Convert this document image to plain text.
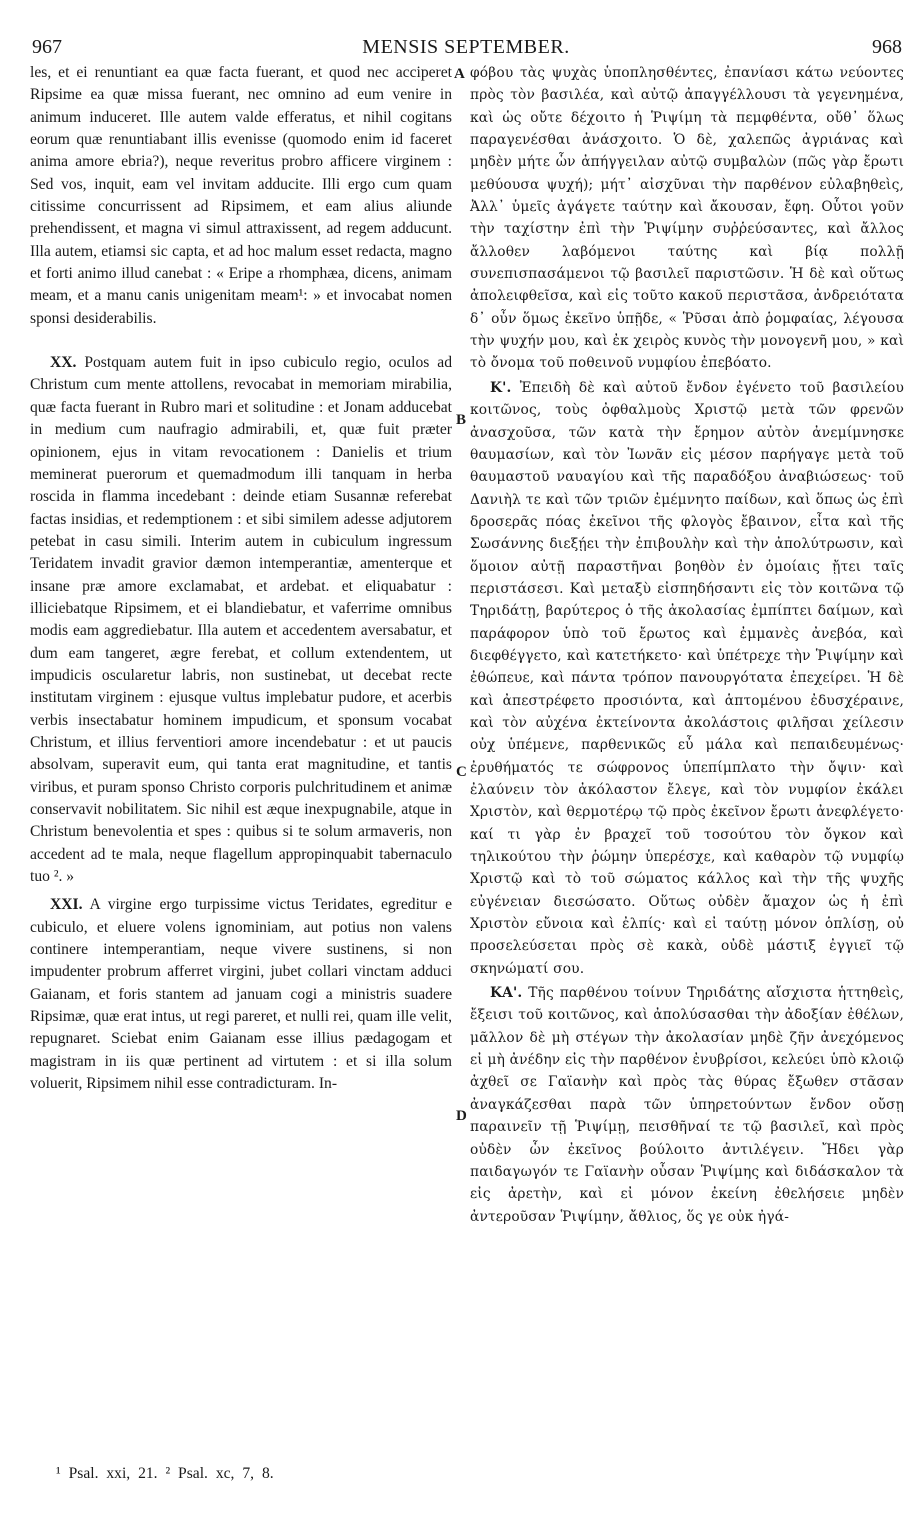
967	MENSIS SEPTEMBER.	968

les, et ei renuntiant ea quæ facta fuerant, et quod nec acciperet Ripsime ea quæ missa fuerant, nec omnino ad eum venire in animum induceret. Ille autem valde efferatus, et nihil cogitans eorum quæ renuntiabant illis evenisse (quomodo enim id faceret anima amore ebria?), neque reveritus probro afficere virginem : Sed vos, inquit, eam vel invitam adducite. Illi ergo cum quam citissime concurrissent ad Ripsimem, et eam alius aliunde prehendissent, et magna vi simul attraxissent, ad regem adducunt. Illa autem, etiamsi sic capta, et ad hoc malum esset redacta, magno et forti animo illud canebat : « Eripe a rhomphæa, dicens, animam meam, et a manu canis unigenitam meam¹: » et invocabat nomen sponsi desiderabilis.

XX. Postquam autem fuit in ipso cubiculo regio, oculos ad Christum cum mente attollens, revocabat in memoriam mirabilia, quæ facta fuerant in Rubro mari et solitudine : et Jonam adducebat in medium cum naufragio admirabili, et, quæ fuit præter opinionem, ejus in vitam revocationem : Danielis et trium meminerat puerorum et quemadmodum illi tanquam in herba roscida in flamma incedebant : deinde etiam Susannæ referebat factas insidias, et redemptionem : et sibi similem adesse adjutorem petebat in casu simili. Interim autem in cubiculum ingressum Teridatem invadit gravior dæmon intemperantiæ, amenterque et insane præ amore exclamabat, et ardebat. et eliquabatur : illiciebatque Ripsimem, et ei blandiebatur, et vaferrime omnibus modis eam aggrediebatur. Illa autem et accedentem aversabatur, et dum eam tangeret, ægre ferebat, et collum extendentem, ut impudicis oscularetur labris, non sustinebat, ut decebat recte institutam virginem : ejusque vultus implebatur pudore, et acerbis verbis insectabatur hominem impudicum, et sponsum vocabat Christum, et illius ferventiori amore incendebatur : et ut paucis absolvam, superavit eum, qui tanta erat magnitudine, et tantis viribus, et puram sponso Christo corporis pulchritudinem et animæ conservavit nobilitatem. Sic nihil est æque inexpugnabile, atque in Christum benevolentia et spes : quibus si te solum armaveris, non accedent ad te mala, neque flagellum appropinquabit tabernaculo tuo ². »

XXI. A virgine ergo turpissime victus Teridates, egreditur e cubiculo, et eluere volens ignominiam, aut potius non valens continere intemperantiam, neque vivere sustinens, si non impudenter probrum afferret virgini, jubet collari vinctam adduci Gaianam, et foris stantem ad januam cogi a ministris suadere Ripsimæ, quæ erat intus, ut regi pareret, et nulli rei, quam ille velit, repugnaret. Sciebat enim Gaianam esse illius pædagogam et magistram in iis quæ pertinent ad virtutem : et si illa solum voluerit, Ripsimem nihil esse contradicturam. In-

A
B
C
D

φόβου τὰς ψυχὰς ὑποπλησθέντες, ἐπανίασι κάτω νεύοντες πρὸς τὸν βασιλέα, καὶ αὐτῷ ἀπαγγέλλουσι τὰ γεγενημένα, καὶ ὡς οὔτε δέχοιτο ἡ Ῥιψίμη τὰ πεμφθέντα, οὔθ᾽ ὅλως παραγενέσθαι ἀνάσχοιτο. Ὁ δὲ, χαλεπῶς ἀγριάνας καὶ μηδὲν μήτε ὧν ἀπήγγειλαν αὐτῷ συμβαλὼν (πῶς γὰρ ἔρωτι μεθύουσα ψυχή); μήτ᾽ αἰσχῦναι τὴν παρθένον εὐλαβηθεὶς, Ἀλλ᾽ ὑμεῖς ἀγάγετε ταύτην καὶ ἄκουσαν, ἔφη. Οὗτοι γοῦν τὴν ταχίστην ἐπὶ τὴν Ῥιψίμην συῤῥεύσαντες, καὶ ἄλλος ἄλλοθεν λαβόμενοι ταύτης καὶ βίᾳ πολλῇ συνεπισπασάμενοι τῷ βασιλεῖ παριστῶσιν. Ἡ δὲ καὶ οὕτως ἀπολειφθεῖσα, καὶ εἰς τοῦτο κακοῦ περιστᾶσα, ἀνδρειότατα δ᾽ οὖν ὅμως ἐκεῖνο ὑπῇδε, « Ῥῦσαι ἀπὸ ῥομφαίας, λέγουσα τὴν ψυχήν μου, καὶ ἐκ χειρὸς κυνὸς τὴν μονογενῆ μου, » καὶ τὸ ὄνομα τοῦ ποθεινοῦ νυμφίου ἐπεβόατο.

Κ'. Ἐπειδὴ δὲ καὶ αὐτοῦ ἔνδον ἐγένετο τοῦ βασιλείου κοιτῶνος, τοὺς ὀφθαλμοὺς Χριστῷ μετὰ τῶν φρενῶν ἀνασχοῦσα, τῶν κατὰ τὴν ἔρημον αὐτὸν ἀνεμίμνησκε θαυμασίων, καὶ τὸν Ἰωνᾶν εἰς μέσον παρήγαγε μετὰ τοῦ θαυμαστοῦ ναυαγίου καὶ τῆς παραδόξου ἀναβιώσεως· τοῦ Δανιὴλ τε καὶ τῶν τριῶν ἐμέμνητο παίδων, καὶ ὅπως ὡς ἐπὶ δροσερᾶς πόας ἐκεῖνοι τῆς φλογὸς ἔβαινον, εἶτα καὶ τῆς Σωσάννης διεξῄει τὴν ἐπιβουλὴν καὶ τὴν ἀπολύτρωσιν, καὶ ὅμοιον αὐτῇ παραστῆναι βοηθὸν ἐν ὁμοίαις ᾔτει ταῖς περιστάσεσι. Καὶ μεταξὺ εἰσπηδήσαντι εἰς τὸν κοιτῶνα τῷ Τηριδάτῃ, βαρύτερος ὁ τῆς ἀκολασίας ἐμπίπτει δαίμων, καὶ παράφορον ὑπὸ τοῦ ἔρωτος καὶ ἐμμανὲς ἀνεβόα, καὶ διεφθέγγετο, καὶ κατετήκετο· καὶ ὑπέτρεχε τὴν Ῥιψίμην καὶ ἐθώπευε, καὶ πάντα τρόπον πανουργότατα ἐπεχείρει. Ἡ δὲ καὶ ἀπεστρέφετο προσιόντα, καὶ ἁπτομένου ἐδυσχέραινε, καὶ τὸν αὐχένα ἐκτείνοντα ἀκολάστοις φιλῆσαι χείλεσιν οὐχ ὑπέμενε, παρθενικῶς εὖ μάλα καὶ πεπαιδευμένως· ἐρυθήματός τε σώφρονος ὑπεπίμπλατο τὴν ὄψιν· καὶ ἐλαύνειν τὸν ἀκόλαστον ἔλεγε, καὶ τὸν νυμφίον ἐκάλει Χριστὸν, καὶ θερμοτέρῳ τῷ πρὸς ἐκεῖνον ἔρωτι ἀνεφλέγετο· καί τι γὰρ ἐν βραχεῖ τοῦ τοσούτου τὸν ὄγκον καὶ τηλικούτου τὴν ῥώμην ὑπερέσχε, καὶ καθαρὸν τῷ νυμφίῳ Χριστῷ καὶ τὸ τοῦ σώματος κάλλος καὶ τὴν τῆς ψυχῆς εὐγένειαν διεσώσατο. Οὕτως οὐδὲν ἄμαχον ὡς ἡ ἐπὶ Χριστὸν εὔνοια καὶ ἐλπίς· καὶ εἰ ταύτῃ μόνον ὁπλίσῃ, οὐ προσελεύσεται πρὸς σὲ κακὰ, οὐδὲ μάστιξ ἐγγιεῖ τῷ σκηνώματί σου.

ΚΑ'. Τῆς παρθένου τοίνυν Τηριδάτης αἴσχιστα ἡττηθεὶς, ἔξεισι τοῦ κοιτῶνος, καὶ ἀπολύσασθαι τὴν ἀδοξίαν ἐθέλων, μᾶλλον δὲ μὴ στέγων τὴν ἀκολασίαν μηδὲ ζῆν ἀνεχόμενος εἰ μὴ ἀνέδην εἰς τὴν παρθένον ἐνυβρίσοι, κελεύει ὑπὸ κλοιῷ ἀχθεῖ σε Γαϊανὴν καὶ πρὸς τὰς θύρας ἔξωθεν στᾶσαν ἀναγκάζεσθαι παρὰ τῶν ὑπηρετούντων ἔνδον οὔσῃ παραινεῖν τῇ Ῥιψίμῃ, πεισθῆναί τε τῷ βασιλεῖ, καὶ πρὸς οὐδὲν ὧν ἐκεῖνος βούλοιτο ἀντιλέγειν. Ἤδει γὰρ παιδαγωγόν τε Γαϊανὴν οὖσαν Ῥιψίμης καὶ διδάσκαλον τὰ εἰς ἀρετὴν, καὶ εἰ μόνον ἐκείνη ἐθελήσειε μηδὲν ἀντεροῦσαν Ῥιψίμην, ἄθλιος, ὅς γε οὐκ ἠγά-

¹ Psal. xxi, 21. ² Psal. xc, 7, 8.
